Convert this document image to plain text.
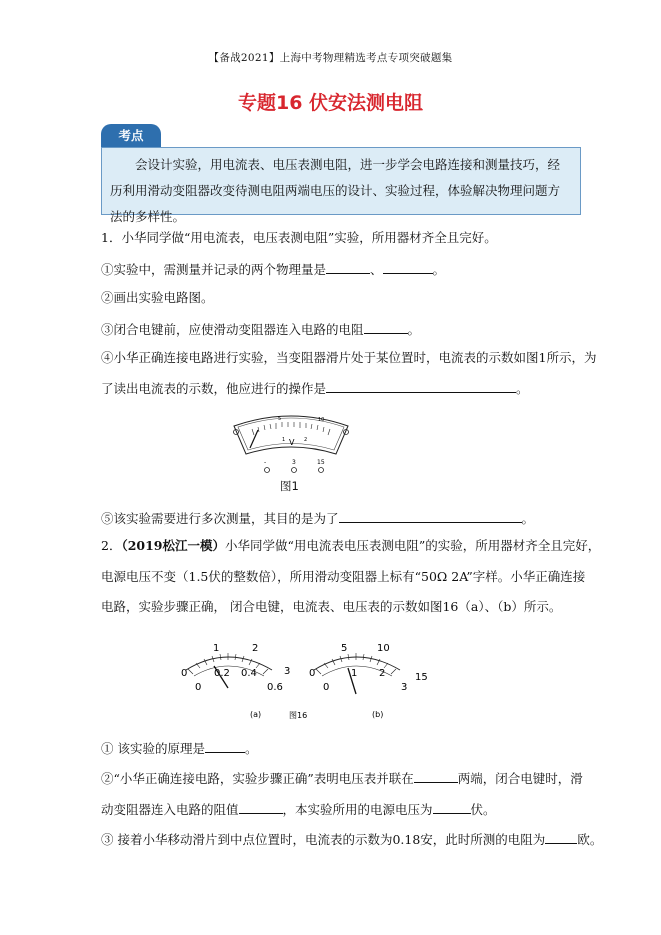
【备战2021】上海中考物理精选考点专项突破题集
专题16 伏安法测电阻
考点
会设计实验，用电流表、电压表测电阻，进一步学会电路连接和测量技巧，经历利用滑动变阻器改变待测电阻两端电压的设计、实验过程，体验解决物理问题方法的多样性。
1．小华同学做“用电流表，电压表测电阻”实验，所用器材齐全且完好。
①实验中，需测量并记录的两个物理量是	、	。
②画出实验电路图。
③闭合电键前，应使滑动变阻器连入电路的电阻	。
④小华正确连接电路进行实验，当变阻器滑片处于某位置时，电流表的示数如图1所示，为
了读出电流表的示数，他应进行的操作是	。
5	10
1	2
V
-	3	15
图1
⑤该实验需要进行多次测量，其目的是为了	。
2．（2019松江一模）小华同学做“用电流表电压表测电阻”的实验，所用器材齐全且完好，
电源电压不变（1.5伏的整数倍），所用滑动变阻器上标有“50Ω 2A”字样。小华正确连接
电路，实验步骤正确， 闭合电键，电流表、电压表的示数如图16（a）、（b）所示。
0
1	2
3
0
0.2 0.4
0.6
0
5	10
15
0
1 2
3
(a)	图16	(b)
① 该实验的原理是	。
②“小华正确连接电路，实验步骤正确”表明电压表并联在	两端，闭合电键时，滑
动变阻器连入电路的阻值	，本实验所用的电源电压为	伏。
③ 接着小华移动滑片到中点位置时，电流表的示数为0.18安，此时所测的电阻为	欧。
